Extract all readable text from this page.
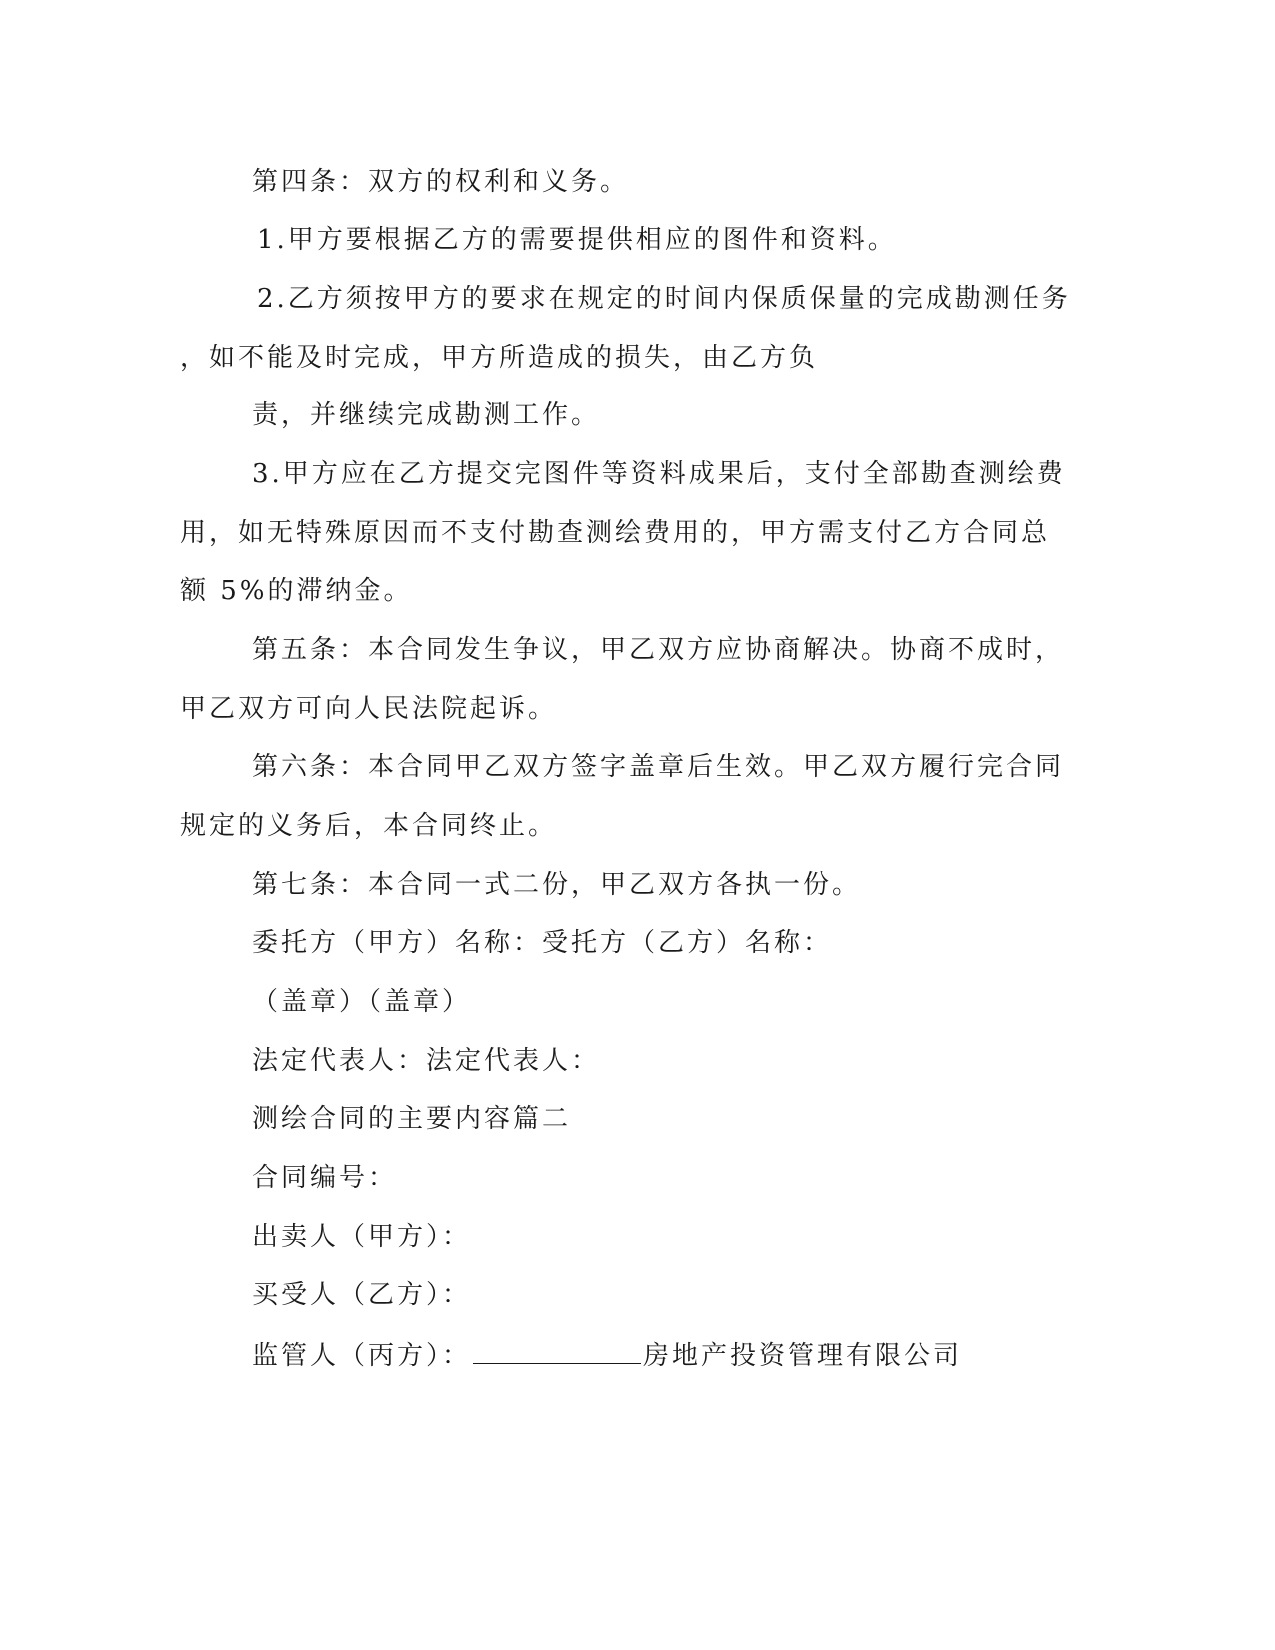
第四条：双方的权利和义务。
1.甲方要根据乙方的需要提供相应的图件和资料。
2.乙方须按甲方的要求在规定的时间内保质保量的完成勘测任务
，如不能及时完成，甲方所造成的损失，由乙方负
责，并继续完成勘测工作。
3.甲方应在乙方提交完图件等资料成果后，支付全部勘查测绘费
用，如无特殊原因而不支付勘查测绘费用的，甲方需支付乙方合同总
额 5%的滞纳金。
第五条：本合同发生争议，甲乙双方应协商解决。协商不成时，
甲乙双方可向人民法院起诉。
第六条：本合同甲乙双方签字盖章后生效。甲乙双方履行完合同
规定的义务后，本合同终止。
第七条：本合同一式二份，甲乙双方各执一份。
委托方（甲方）名称：受托方（乙方）名称：
（盖章）（盖章）
法定代表人：法定代表人：
测绘合同的主要内容篇二
合同编号：
出卖人（甲方）：
买受人（乙方）：
监管人（丙方）：	房地产投资管理有限公司
